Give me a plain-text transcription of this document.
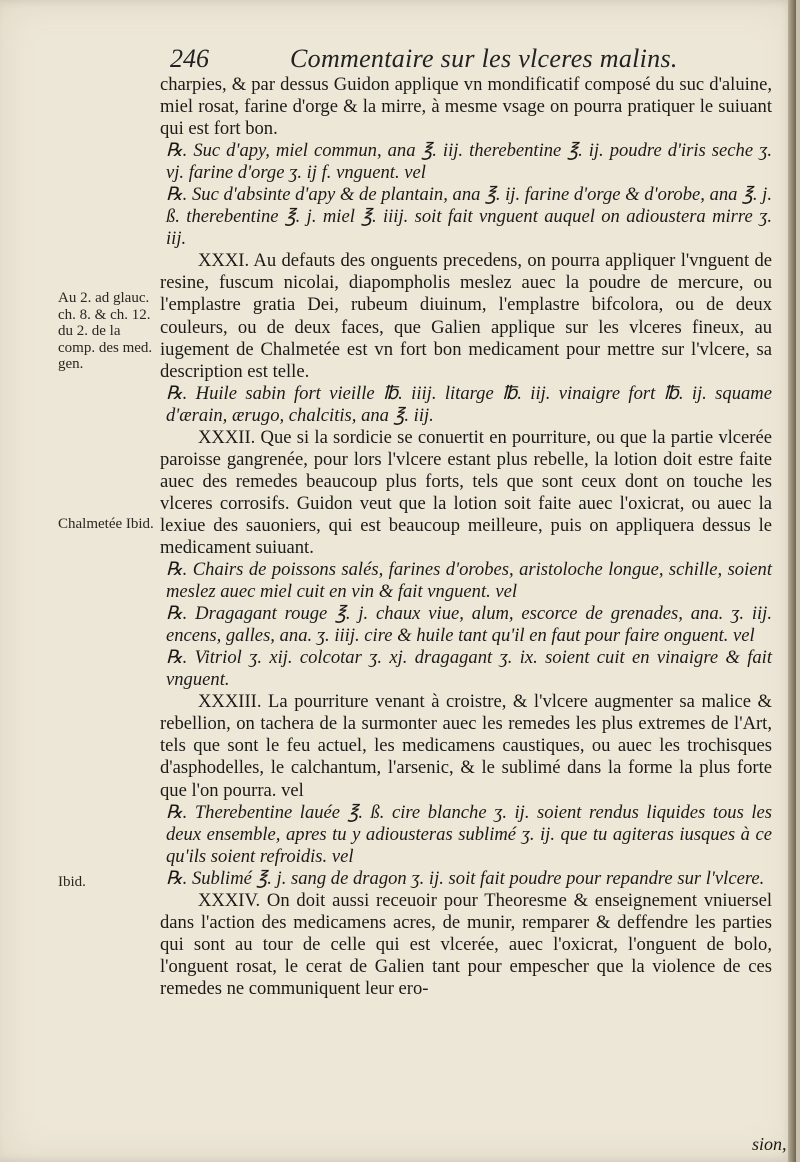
246	Commentaire sur les vlceres malins.
Au 2. ad glauc. ch. 8. & ch. 12. du 2. de la comp. des med. gen.
Chalmetée Ibid.
Ibid.

charpies, & par dessus Guidon applique vn mondificatif composé du suc d'aluine, miel rosat, farine d'orge & la mirre, à mesme vsage on pourra pratiquer le suiuant qui est fort bon.

℞. Suc d'apy, miel commun, ana ℥. iij. therebentine ℥. ij. poudre d'iris seche ʒ. vj. farine d'orge ʒ. ij f. vnguent. vel

℞. Suc d'absinte d'apy & de plantain, ana ℥. ij. farine d'orge & d'orobe, ana ℥. j. ß. therebentine ℥. j. miel ℥. iiij. soit fait vnguent auquel on adioustera mirre ʒ. iij.

XXXI. Au defauts des onguents precedens, on pourra appliquer l'vnguent de resine, fuscum nicolai, diapompholis meslez auec la poudre de mercure, ou l'emplastre gratia Dei, rubeum diuinum, l'emplastre bifcolora, ou de deux couleurs, ou de deux faces, que Galien applique sur les vlceres fineux, au iugement de Chalmetée est vn fort bon medicament pour mettre sur l'vlcere, sa description est telle.

℞. Huile sabin fort vieille ℔. iiij. litarge ℔. iij. vinaigre fort ℔. ij. squame d'ærain, ærugo, chalcitis, ana ℥. iij.

XXXII. Que si la sordicie se conuertit en pourriture, ou que la partie vlcerée paroisse gangrenée, pour lors l'vlcere estant plus rebelle, la lotion doit estre faite auec des remedes beaucoup plus forts, tels que sont ceux dont on touche les vlceres corrosifs. Guidon veut que la lotion soit faite auec l'oxicrat, ou auec la lexiue des sauoniers, qui est beaucoup meilleure, puis on appliquera dessus le medicament suiuant.

℞. Chairs de poissons salés, farines d'orobes, aristoloche longue, schille, soient meslez auec miel cuit en vin & fait vnguent. vel

℞. Dragagant rouge ℥. j. chaux viue, alum, escorce de grenades, ana. ʒ. iij. encens, galles, ana. ʒ. iiij. cire & huile tant qu'il en faut pour faire onguent. vel

℞. Vitriol ʒ. xij. colcotar ʒ. xj. dragagant ʒ. ix. soient cuit en vinaigre & fait vnguent.

XXXIII. La pourriture venant à croistre, & l'vlcere augmenter sa malice & rebellion, on tachera de la surmonter auec les remedes les plus extremes de l'Art, tels que sont le feu actuel, les medicamens caustiques, ou auec les trochisques d'asphodelles, le calchantum, l'arsenic, & le sublimé dans la forme la plus forte que l'on pourra. vel

℞. Therebentine lauée ℥. ß. cire blanche ʒ. ij. soient rendus liquides tous les deux ensemble, apres tu y adiousteras sublimé ʒ. ij. que tu agiteras iusques à ce qu'ils soient refroidis. vel

℞. Sublimé ℥. j. sang de dragon ʒ. ij. soit fait poudre pour repandre sur l'vlcere.

XXXIV. On doit aussi receuoir pour Theoresme & enseignement vniuersel dans l'action des medicamens acres, de munir, remparer & deffendre les parties qui sont au tour de celle qui est vlcerée, auec l'oxicrat, l'onguent de bolo, l'onguent rosat, le cerat de Galien tant pour empescher que la violence de ces remedes ne communiquent leur ero-

sion,
